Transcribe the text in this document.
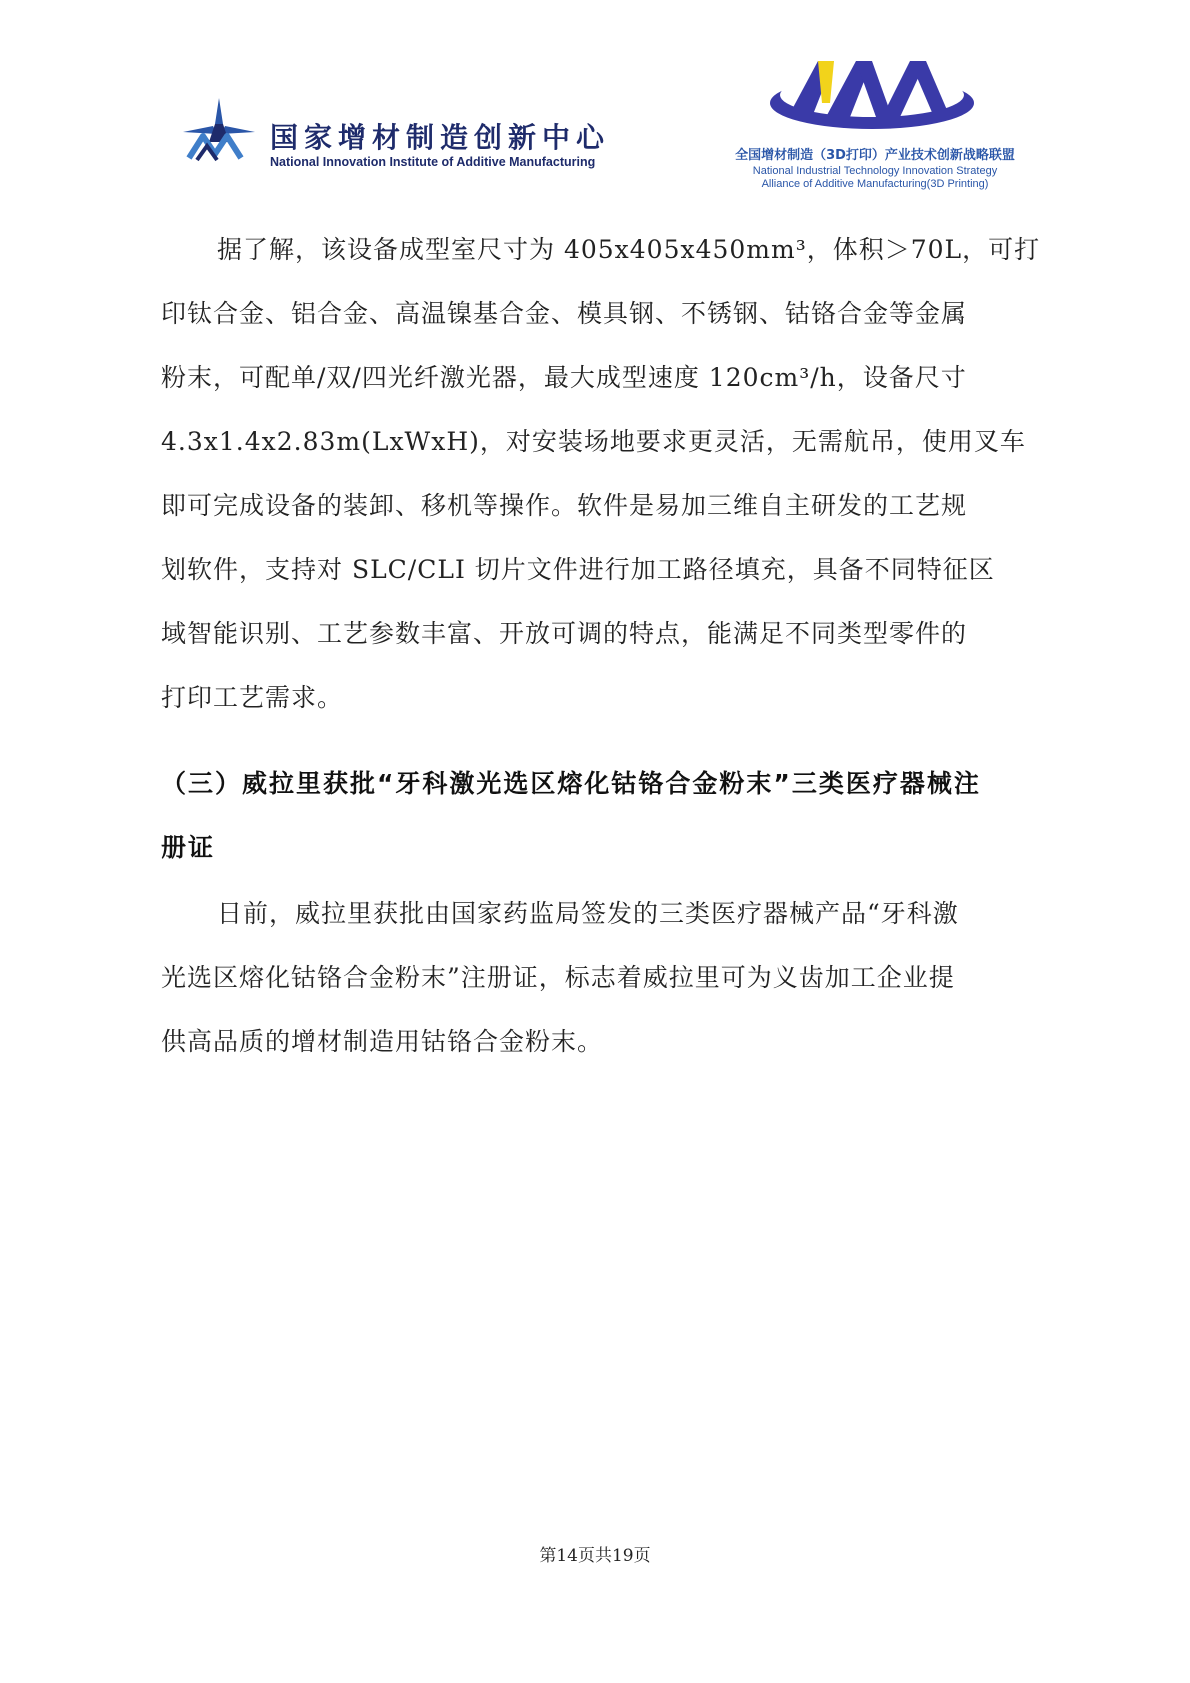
国家增材制造创新中心
National Innovation Institute of Additive Manufacturing	全国增材制造（3D打印）产业技术创新战略联盟
National Industrial Technology Innovation Strategy
Alliance of Additive Manufacturing(3D Printing)
据了解，该设备成型室尺寸为 405x405x450mm³，体积＞70L，可打
印钛合金、铝合金、高温镍基合金、模具钢、不锈钢、钴铬合金等金属
粉末，可配单/双/四光纤激光器，最大成型速度 120cm³/h，设备尺寸
4.3x1.4x2.83m(LxWxH)，对安装场地要求更灵活，无需航吊，使用叉车
即可完成设备的装卸、移机等操作。软件是易加三维自主研发的工艺规
划软件，支持对 SLC/CLI 切片文件进行加工路径填充，具备不同特征区
域智能识别、工艺参数丰富、开放可调的特点，能满足不同类型零件的
打印工艺需求。
（三）威拉里获批“牙科激光选区熔化钴铬合金粉末”三类医疗器械注
册证
日前，威拉里获批由国家药监局签发的三类医疗器械产品“牙科激
光选区熔化钴铬合金粉末”注册证，标志着威拉里可为义齿加工企业提
供高品质的增材制造用钴铬合金粉末。
第14页共19页
